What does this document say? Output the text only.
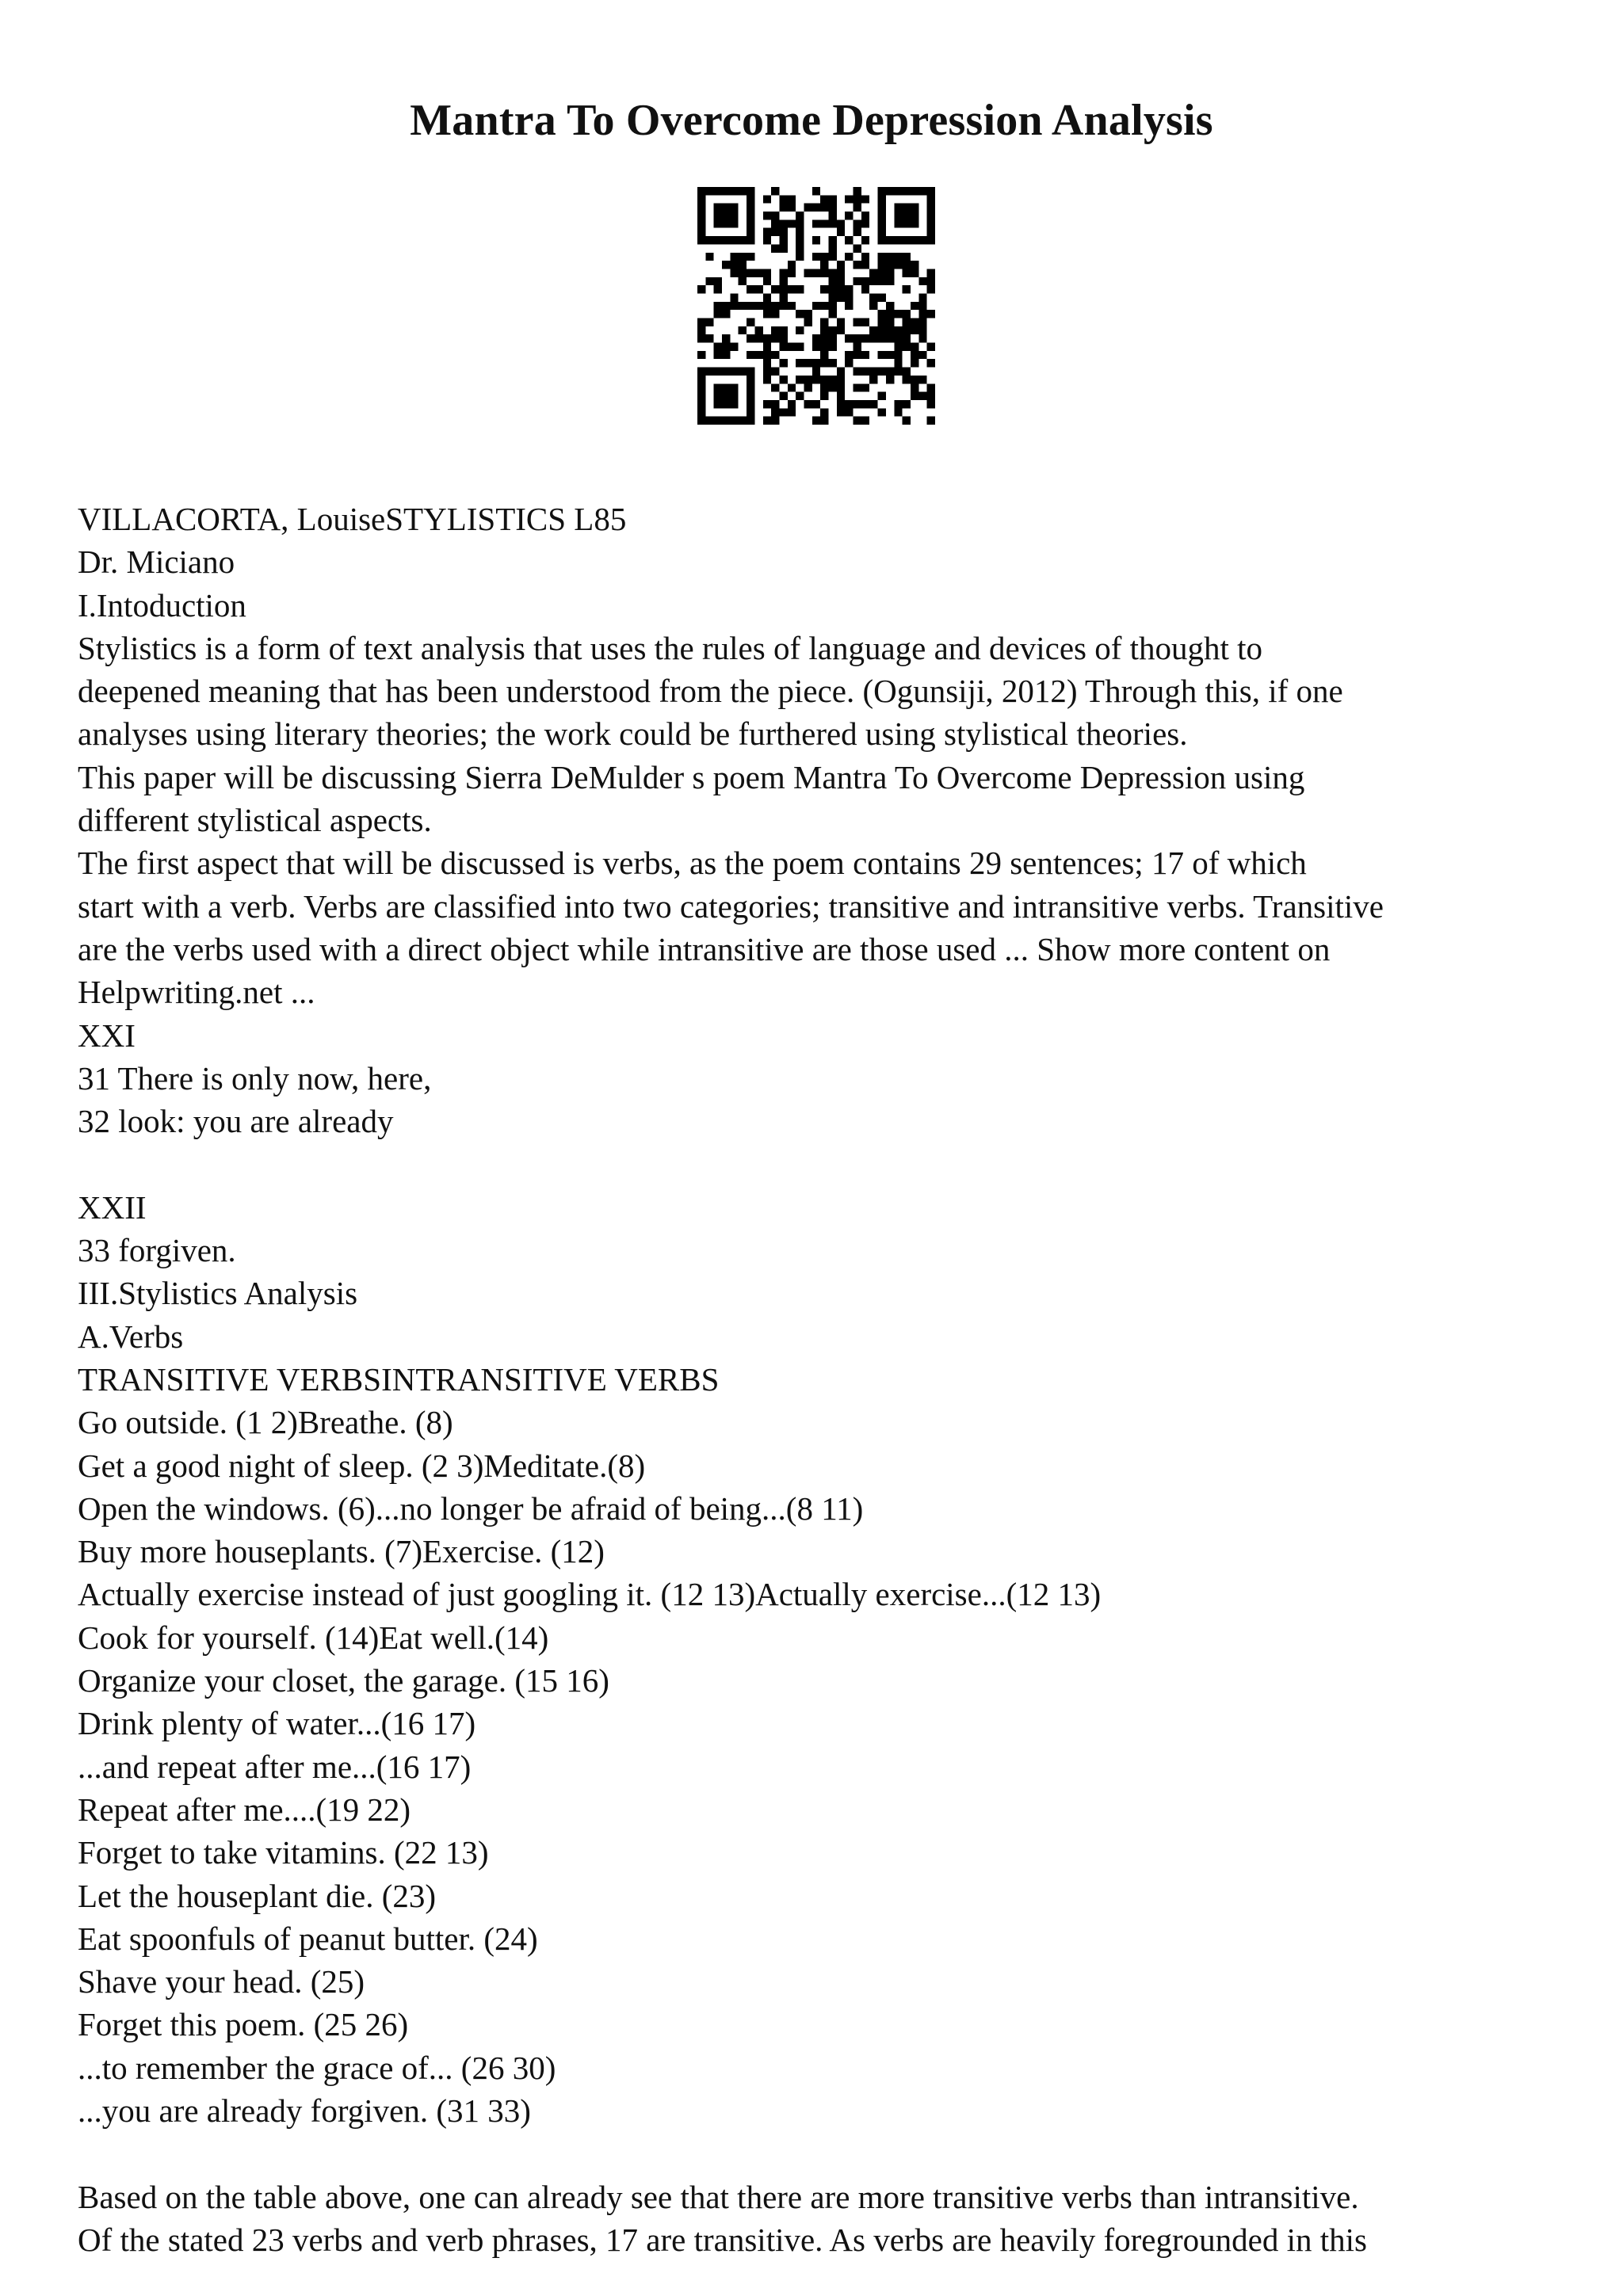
Mantra To Overcome Depression Analysis
VILLACORTA, LouiseSTYLISTICS L85
Dr. Miciano
I.Intoduction
Stylistics is a form of text analysis that uses the rules of language and devices of thought to
deepened meaning that has been understood from the piece. (Ogunsiji, 2012) Through this, if one
analyses using literary theories; the work could be furthered using stylistical theories.
This paper will be discussing Sierra DeMulder s poem Mantra To Overcome Depression using
different stylistical aspects.
The first aspect that will be discussed is verbs, as the poem contains 29 sentences; 17 of which
start with a verb. Verbs are classified into two categories; transitive and intransitive verbs. Transitive
are the verbs used with a direct object while intransitive are those used ... Show more content on
Helpwriting.net ...
XXI
31 There is only now, here,
32 look: you are already
XXII
33 forgiven.
III.Stylistics Analysis
A.Verbs
TRANSITIVE VERBSINTRANSITIVE VERBS
Go outside. (1 2)Breathe. (8)
Get a good night of sleep. (2 3)Meditate.(8)
Open the windows. (6)...no longer be afraid of being...(8 11)
Buy more houseplants. (7)Exercise. (12)
Actually exercise instead of just googling it. (12 13)Actually exercise...(12 13)
Cook for yourself. (14)Eat well.(14)
Organize your closet, the garage. (15 16)
Drink plenty of water...(16 17)
...and repeat after me...(16 17)
Repeat after me....(19 22)
Forget to take vitamins. (22 13)
Let the houseplant die. (23)
Eat spoonfuls of peanut butter. (24)
Shave your head. (25)
Forget this poem. (25 26)
...to remember the grace of... (26 30)
...you are already forgiven. (31 33)
Based on the table above, one can already see that there are more transitive verbs than intransitive.
Of the stated 23 verbs and verb phrases, 17 are transitive. As verbs are heavily foregrounded in this
